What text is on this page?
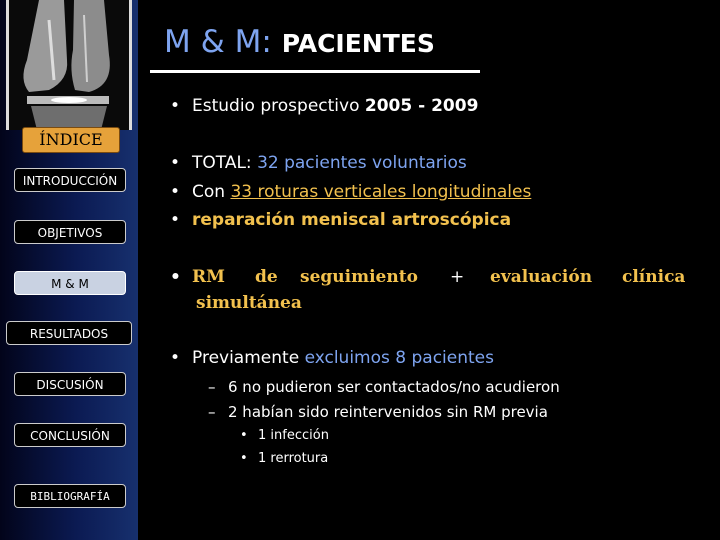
ÍNDICE
INTRODUCCIÓN
OBJETIVOS
M & M
RESULTADOS
DISCUSIÓN
CONCLUSIÓN
BIBLIOGRAFÍA
M & M: PACIENTES
• Estudio prospectivo 2005 - 2009
• TOTAL: 32 pacientes voluntarios
• Con 33 roturas verticales longitudinales
• reparación meniscal artroscópica
• RM de seguimiento + evaluación clínica
simultánea
• Previamente excluimos 8 pacientes
– 6 no pudieron ser contactados/no acudieron
– 2 habían sido reintervenidos sin RM previa
• 1 infección
• 1 rerrotura
